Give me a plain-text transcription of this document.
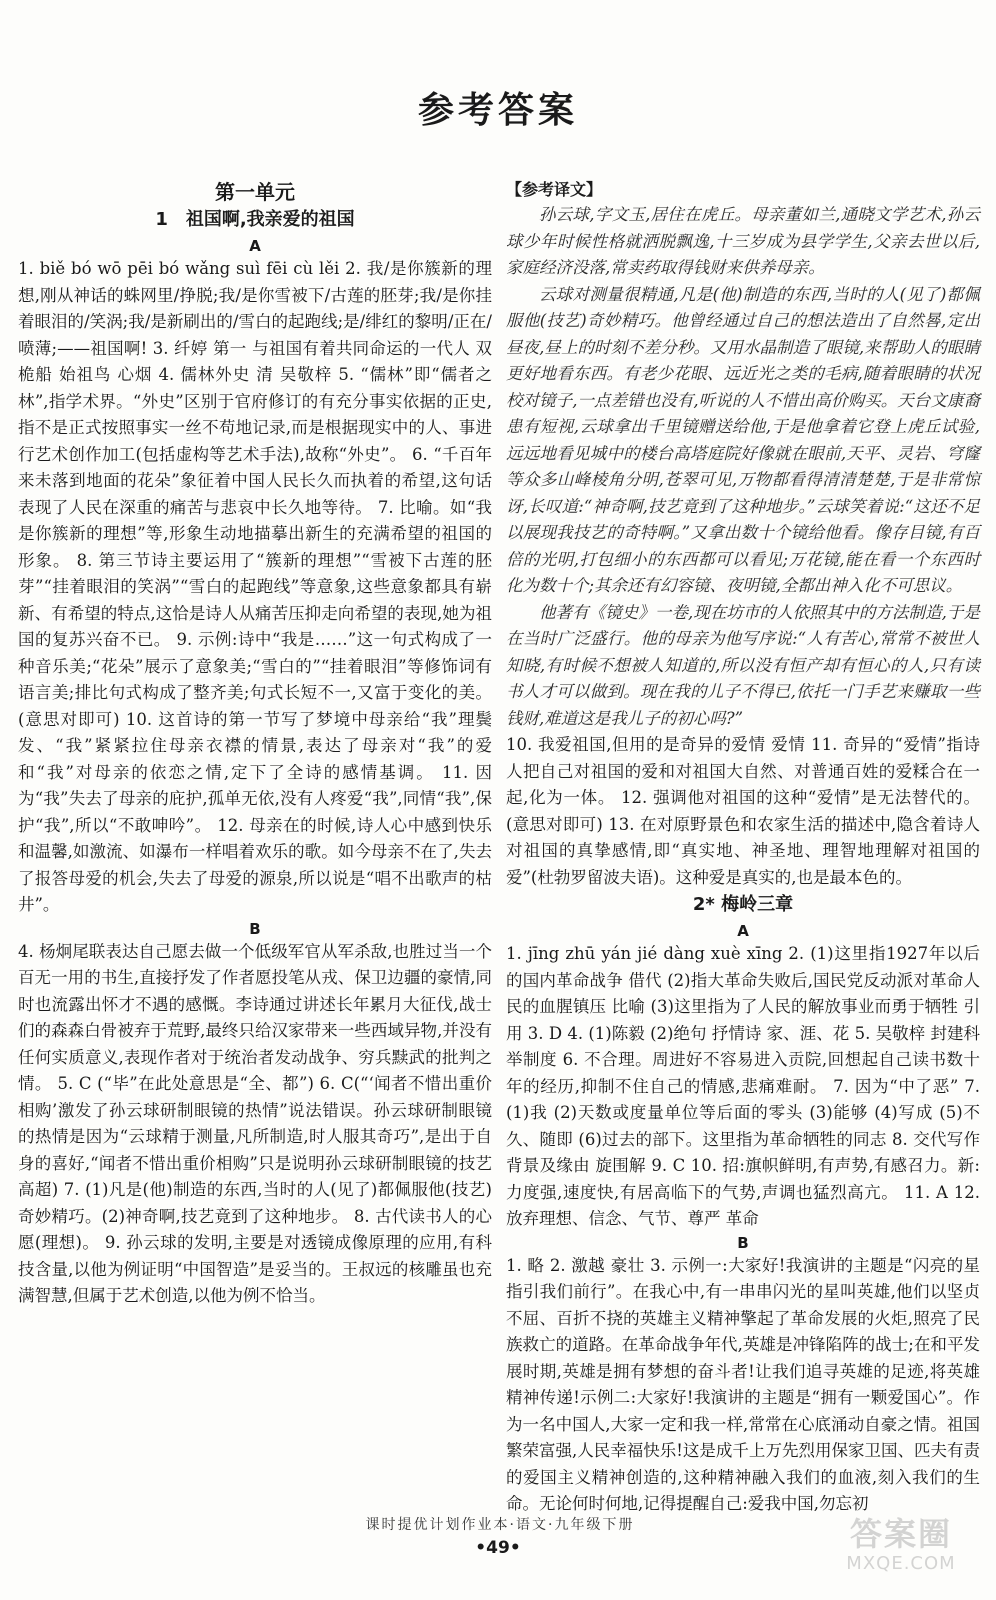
参考答案
第一单元
1　祖国啊,我亲爱的祖国
A

1. biě bó wō pēi bó wǎng suì fēi cù lěi 2. 我/是你簇新的理想,刚从神话的蛛网里/挣脱;我/是你雪被下/古莲的胚芽;我/是你挂着眼泪的/笑涡;我/是新刷出的/雪白的起跑线;是/绯红的黎明/正在/喷薄;——祖国啊! 3. 纤婷 第一 与祖国有着共同命运的一代人 双桅船 始祖鸟 心烟 4. 儒林外史 清 吴敬梓 5. “儒林”即“儒者之林”,指学术界。“外史”区别于官府修订的有充分事实依据的正史,指不是正式按照事实一丝不苟地记录,而是根据现实中的人、事进行艺术创作加工(包括虚构等艺术手法),故称“外史”。 6. “千百年来未落到地面的花朵”象征着中国人民长久而执着的希望,这句话表现了人民在深重的痛苦与悲哀中长久地等待。 7. 比喻。如“我是你簇新的理想”等,形象生动地描摹出新生的充满希望的祖国的形象。 8. 第三节诗主要运用了“簇新的理想”“雪被下古莲的胚芽”“挂着眼泪的笑涡”“雪白的起跑线”等意象,这些意象都具有崭新、有希望的特点,这恰是诗人从痛苦压抑走向希望的表现,她为祖国的复苏兴奋不已。 9. 示例:诗中“我是……”这一句式构成了一种音乐美;“花朵”展示了意象美;“雪白的”“挂着眼泪”等修饰词有语言美;排比句式构成了整齐美;句式长短不一,又富于变化的美。(意思对即可) 10. 这首诗的第一节写了梦境中母亲给“我”理鬓发、“我”紧紧拉住母亲衣襟的情景,表达了母亲对“我”的爱和“我”对母亲的依恋之情,定下了全诗的感情基调。 11. 因为“我”失去了母亲的庇护,孤单无依,没有人疼爱“我”,同情“我”,保护“我”,所以“不敢呻吟”。 12. 母亲在的时候,诗人心中感到快乐和温馨,如激流、如瀑布一样唱着欢乐的歌。如今母亲不在了,失去了报答母爱的机会,失去了母爱的源泉,所以说是“唱不出歌声的枯井”。

B

4. 杨炯尾联表达自己愿去做一个低级军官从军杀敌,也胜过当一个百无一用的书生,直接抒发了作者愿投笔从戎、保卫边疆的豪情,同时也流露出怀才不遇的感慨。李诗通过讲述长年累月大征伐,战士们的森森白骨被弃于荒野,最终只给汉家带来一些西域异物,并没有任何实质意义,表现作者对于统治者发动战争、穷兵黩武的批判之情。 5. C (“毕”在此处意思是“全、都”) 6. C(“‘闻者不惜出重价相购’激发了孙云球研制眼镜的热情”说法错误。孙云球研制眼镜的热情是因为“云球精于测量,凡所制造,时人服其奇巧”,是出于自身的喜好,“闻者不惜出重价相购”只是说明孙云球研制眼镜的技艺高超) 7. (1)凡是(他)制造的东西,当时的人(见了)都佩服他(技艺)奇妙精巧。(2)神奇啊,技艺竟到了这种地步。 8. 古代读书人的心愿(理想)。 9. 孙云球的发明,主要是对透镜成像原理的应用,有科技含量,以他为例证明“中国智造”是妥当的。王叔远的核雕虽也充满智慧,但属于艺术创造,以他为例不恰当。

【参考译文】

孙云球,字文玉,居住在虎丘。母亲董如兰,通晓文学艺术,孙云球少年时候性格就洒脱飘逸,十三岁成为县学学生,父亲去世以后,家庭经济没落,常卖药取得钱财来供养母亲。

云球对测量很精通,凡是(他)制造的东西,当时的人(见了)都佩服他(技艺)奇妙精巧。他曾经通过自己的想法造出了自然晷,定出昼夜,昼上的时刻不差分秒。又用水晶制造了眼镜,来帮助人的眼睛更好地看东西。有老少花眼、远近光之类的毛病,随着眼睛的状况校对镜子,一点差错也没有,听说的人不惜出高价购买。天台文康裔患有短视,云球拿出千里镜赠送给他,于是他拿着它登上虎丘试验,远远地看见城中的楼台高塔庭院好像就在眼前,天平、灵岩、穹窿等众多山峰棱角分明,苍翠可见,万物都看得清清楚楚,于是非常惊讶,长叹道:“神奇啊,技艺竟到了这种地步。”云球笑着说:“这还不足以展现我技艺的奇特啊。”又拿出数十个镜给他看。像存目镜,有百倍的光明,打包细小的东西都可以看见;万花镜,能在看一个东西时化为数十个;其余还有幻容镜、夜明镜,全都出神入化不可思议。

他著有《镜史》一卷,现在坊市的人依照其中的方法制造,于是在当时广泛盛行。他的母亲为他写序说:“人有苦心,常常不被世人知晓,有时候不想被人知道的,所以没有恒产却有恒心的人,只有读书人才可以做到。现在我的儿子不得已,依托一门手艺来赚取一些钱财,难道这是我儿子的初心吗?”

10. 我爱祖国,但用的是奇异的爱情 爱情 11. 奇异的“爱情”指诗人把自己对祖国的爱和对祖国大自然、对普通百姓的爱糅合在一起,化为一体。 12. 强调他对祖国的这种“爱情”是无法替代的。(意思对即可) 13. 在对原野景色和农家生活的描述中,隐含着诗人对祖国的真挚感情,即“真实地、神圣地、理智地理解对祖国的爱”(杜勃罗留波夫语)。这种爱是真实的,也是最本色的。

2* 梅岭三章
A

1. jīng zhū yán jié dàng xuè xīng 2. (1)这里指1927年以后的国内革命战争 借代 (2)指大革命失败后,国民党反动派对革命人民的血腥镇压 比喻 (3)这里指为了人民的解放事业而勇于牺牲 引用 3. D 4. (1)陈毅 (2)绝句 抒情诗 家、涯、花 5. 吴敬梓 封建科举制度 6. 不合理。周进好不容易进入贡院,回想起自己读书数十年的经历,抑制不住自己的情感,悲痛难耐。 7. 因为“中了恶” 7. (1)我 (2)天数或度量单位等后面的零头 (3)能够 (4)写成 (5)不久、随即 (6)过去的部下。这里指为革命牺牲的同志 8. 交代写作背景及缘由 旋围解 9. C 10. 招:旗帜鲜明,有声势,有感召力。新:力度强,速度快,有居高临下的气势,声调也猛烈高亢。 11. A 12. 放弃理想、信念、气节、尊严 革命

B

1. 略 2. 激越 豪壮 3. 示例一:大家好!我演讲的主题是“闪亮的星指引我们前行”。在我心中,有一串串闪光的星叫英雄,他们以坚贞不屈、百折不挠的英雄主义精神擎起了革命发展的火炬,照亮了民族救亡的道路。在革命战争年代,英雄是冲锋陷阵的战士;在和平发展时期,英雄是拥有梦想的奋斗者!让我们追寻英雄的足迹,将英雄精神传递!示例二:大家好!我演讲的主题是“拥有一颗爱国心”。作为一名中国人,大家一定和我一样,常常在心底涌动自豪之情。祖国繁荣富强,人民幸福快乐!这是成千上万先烈用保家卫国、匹夫有责的爱国主义精神创造的,这种精神融入我们的血液,刻入我们的生命。无论何时何地,记得提醒自己:爱我中国,勿忘初

课时提优计划作业本·语文·九年级下册
•49•	答案圈
MXQE.COM
